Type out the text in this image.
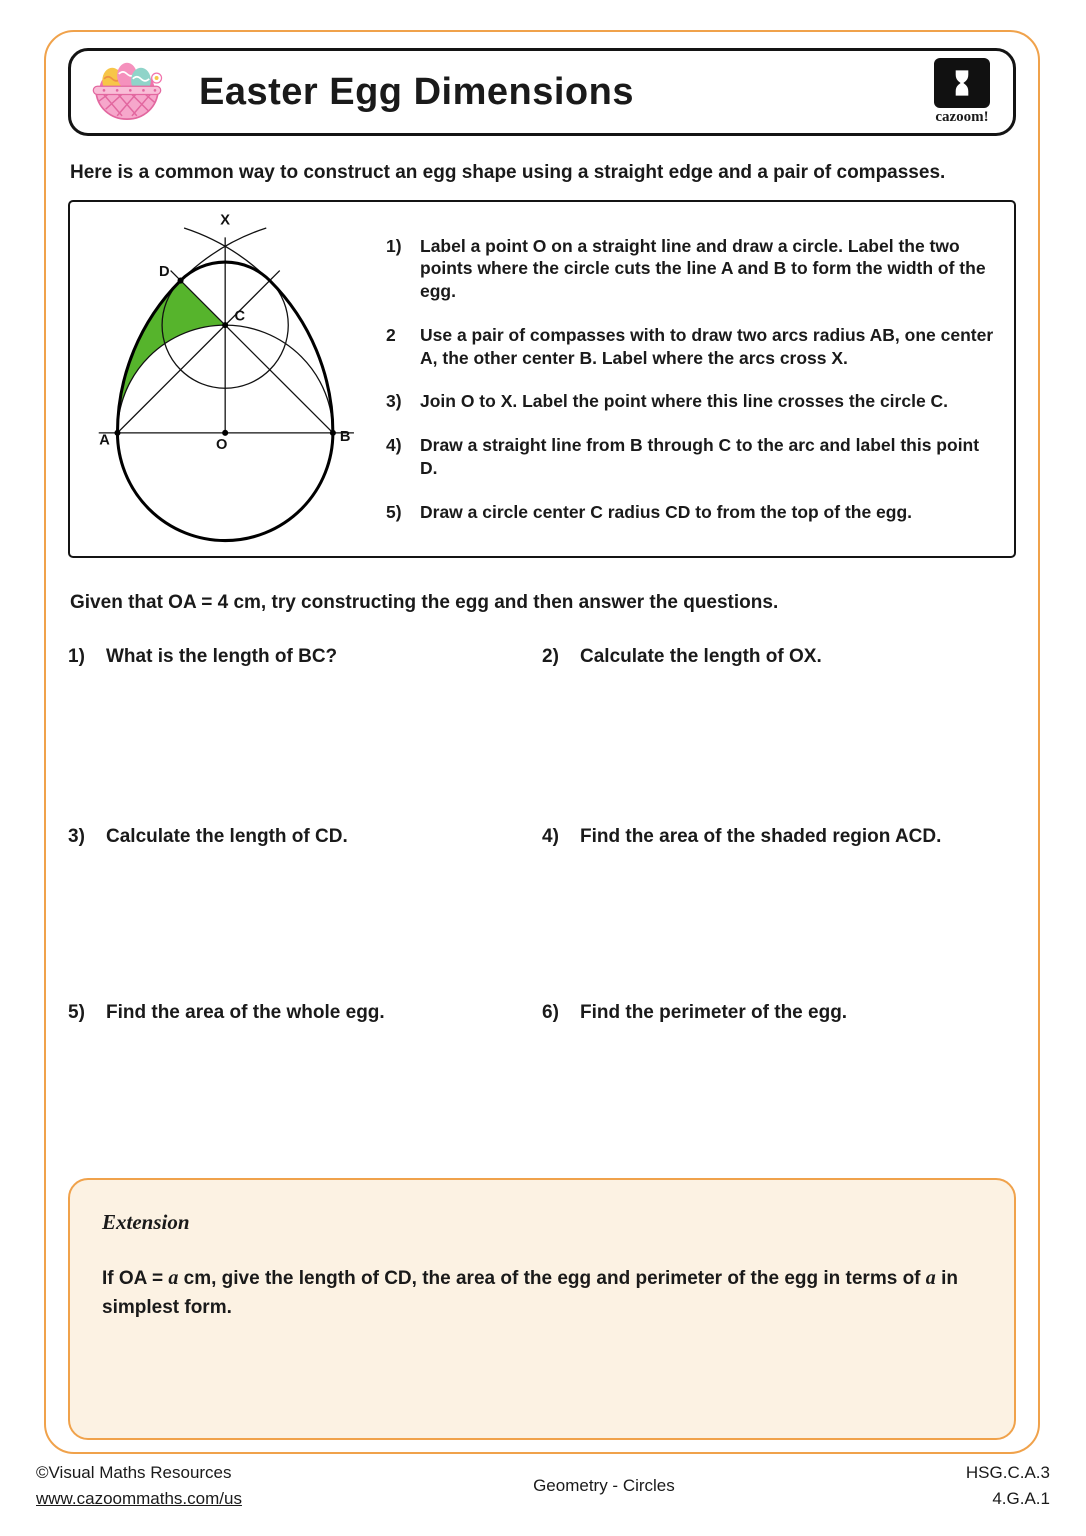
Easter Egg Dimensions
cazoom!

Here is a common way to construct an egg shape using a straight edge and a pair of compasses.

A	O
B
C
D
X
1)	Label a point O on a straight line and draw a circle. Label the two points where the circle cuts the line A and B to form the width of the egg.
2	Use a pair of compasses with to draw two arcs radius AB, one center A, the other center B. Label where the arcs cross X.
3)	Join O to X. Label the point where this line crosses the circle C.
4)	Draw a straight line from B through C to the arc and label this point D.
5)	Draw a circle center C radius CD to from the top of the egg.

Given that OA = 4 cm, try constructing the egg and then answer the questions.

1)	What is the length of BC?	2)	Calculate the length of OX.
3)	Calculate the length of CD.	4)	Find the area of the shaded region ACD.
5)	Find the area of the whole egg.	6)	Find the perimeter of the egg.
Extension

If OA = a cm, give the length of CD, the area of the egg and perimeter of the egg in terms of a in simplest form.

©Visual Maths Resources
www.cazoommaths.com/us
Geometry - Circles
HSG.C.A.3
4.G.A.1
